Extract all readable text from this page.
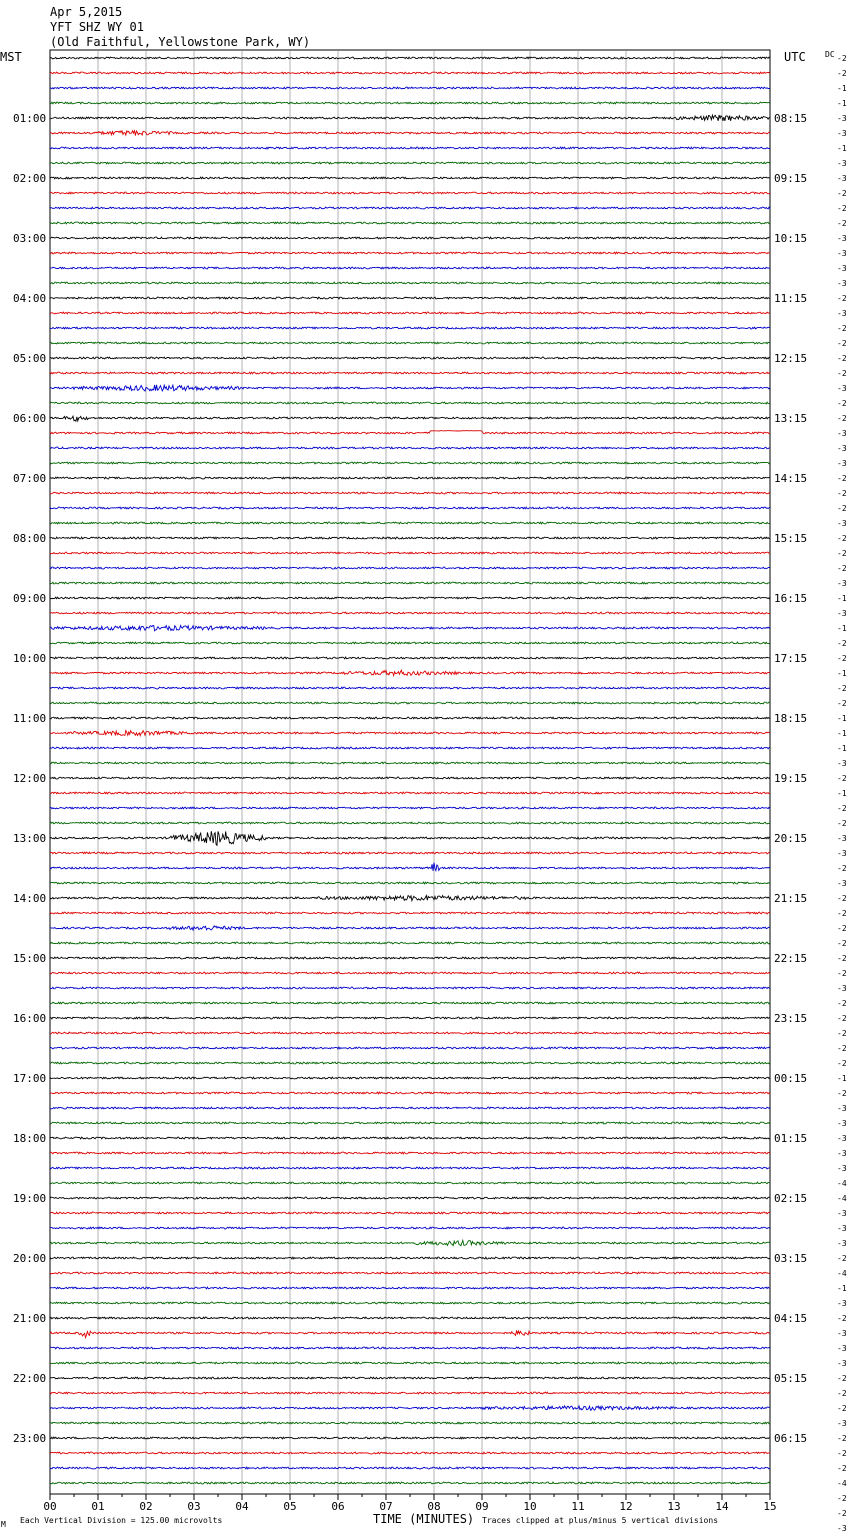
Apr 5,2015
YFT SHZ WY 01
(Old Faithful, Yellowstone Park, WY)
MST	UTC DC
01:00
02:00
03:00
04:00
05:00
06:00
07:00
08:00
09:00
10:00
11:00
12:00
13:00
14:00
15:00
16:00
17:00
18:00
19:00
20:00
21:00
22:00
23:00
08:15
09:15
10:15
11:15
12:15
13:15
14:15
15:15
16:15
17:15
18:15
19:15
20:15
21:15
22:15
23:15
00:15
01:15
02:15
03:15
04:15
05:15
06:15
-2
-2
-1
-1
-3
-3
-1
-3
-3
-2
-2
-2
-3
-3
-3
-3
-2
-3
-2
-2
-2
-2
-3
-2
-2
-3
-3
-3
-2
-2
-2
-3
-2
-2
-2
-3
-1
-3
-1
-2
-2
-1
-2
-2
-1
-1
-1
-3
-2
-1
-2
-2
-3
-3
-2
-3
-2
-2
-2
-2
-2
-2
-3
-2
-2
-2
-2
-2
-1
-2
-3
-3
-3
-3
-3
-4
-4
-3
-3
-3
-2
-4
-1
-3
-2
-3
-3
-3
-2
-2
-2
-3
-2
-2
-2
-4
-2
-2
-3
00	01	02	03	04	05	06	07	08	09	10	11	12	13	14	15
TIME (MINUTES)
Each Vertical Division = 125.00 microvolts	Traces clipped at plus/minus 5 vertical divisions
M
